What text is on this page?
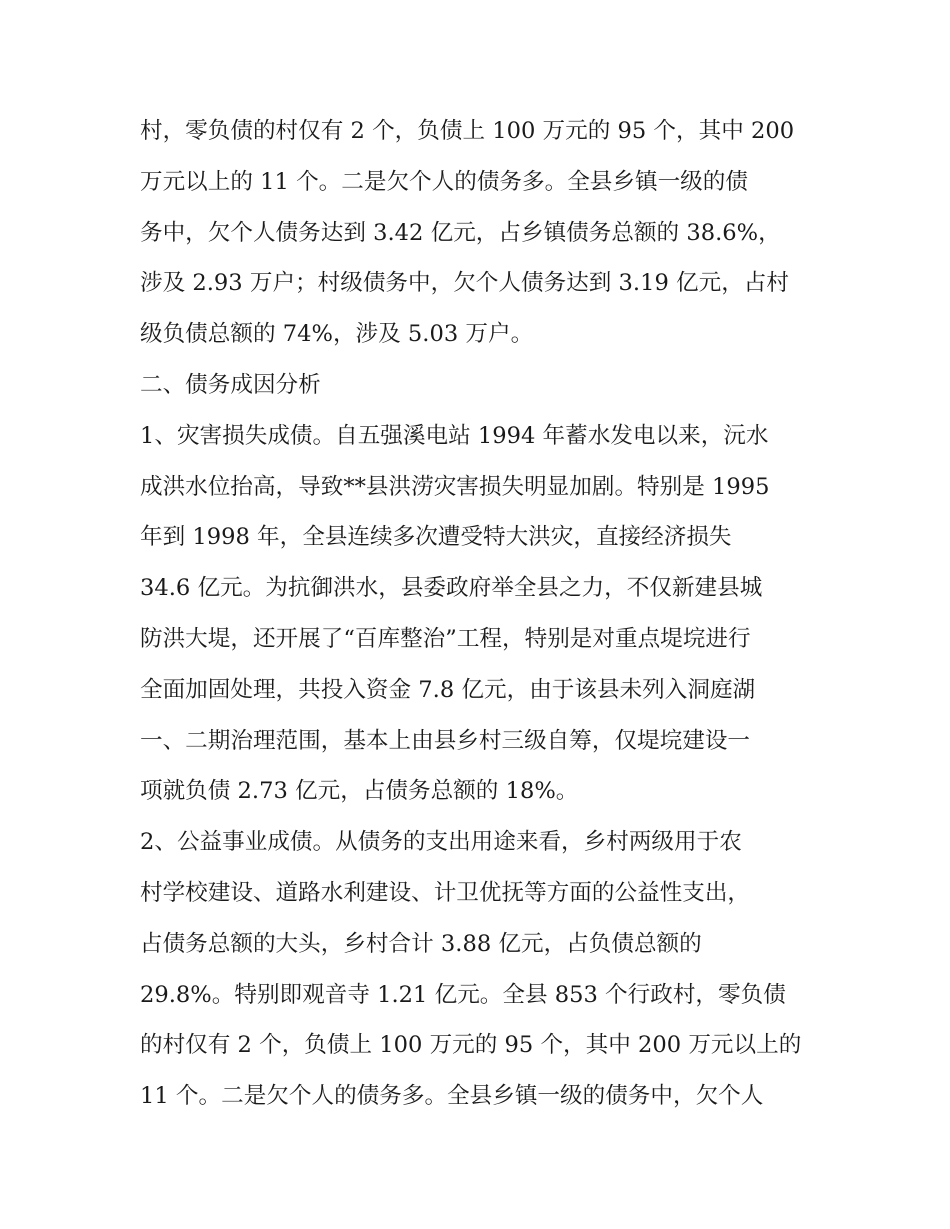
村，零负债的村仅有 2 个，负债上 100 万元的 95 个，其中 200
万元以上的 11 个。二是欠个人的债务多。全县乡镇一级的债
务中，欠个人债务达到 3.42 亿元，占乡镇债务总额的 38.6%，
涉及 2.93 万户；村级债务中，欠个人债务达到 3.19 亿元，占村
级负债总额的 74%，涉及 5.03 万户。
二、债务成因分析
1、灾害损失成债。自五强溪电站 1994 年蓄水发电以来，沅水
成洪水位抬高，导致**县洪涝灾害损失明显加剧。特别是 1995
年到 1998 年，全县连续多次遭受特大洪灾，直接经济损失
34.6 亿元。为抗御洪水，县委政府举全县之力，不仅新建县城
防洪大堤，还开展了“百库整治”工程，特别是对重点堤垸进行
全面加固处理，共投入资金 7.8 亿元，由于该县未列入洞庭湖
一、二期治理范围，基本上由县乡村三级自筹，仅堤垸建设一
项就负债 2.73 亿元，占债务总额的 18%。
2、公益事业成债。从债务的支出用途来看，乡村两级用于农
村学校建设、道路水利建设、计卫优抚等方面的公益性支出，
占债务总额的大头，乡村合计 3.88 亿元，占负债总额的
29.8%。特别即观音寺 1.21 亿元。全县 853 个行政村，零负债
的村仅有 2 个，负债上 100 万元的 95 个，其中 200 万元以上的
11 个。二是欠个人的债务多。全县乡镇一级的债务中，欠个人
